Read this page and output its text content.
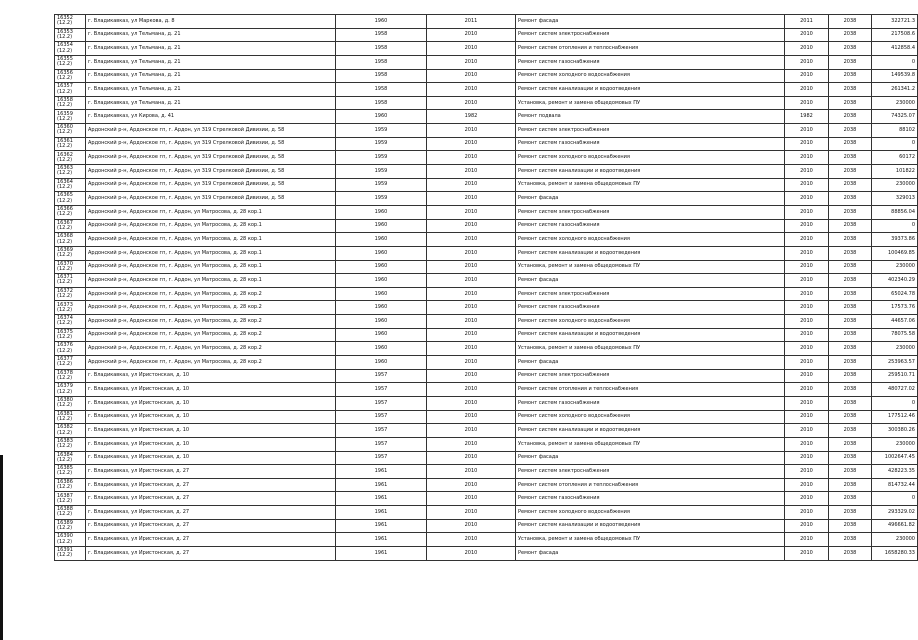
16352
(12.2)	г. Владикавказ, ул Маркова, д. 8	1960	2011	Ремонт фасада	2011	2038	322721.3

16353
(12.2)	г. Владикавказ, ул Тельмана, д. 21	1958	2010	Ремонт систем электроснабжения	2010	2038	217508.6

16354
(12.2)	г. Владикавказ, ул Тельмана, д. 21	1958	2010	Ремонт систем отопления и теплоснабжения	2010	2038	412858.4

16355
(12.2)	г. Владикавказ, ул Тельмана, д. 21	1958	2010	Ремонт систем газоснабжения	2010	2038	0

16356
(12.2)	г. Владикавказ, ул Тельмана, д. 21	1958	2010	Ремонт систем холодного водоснабжения	2010	2038	149539.8

16357
(12.2)	г. Владикавказ, ул Тельмана, д. 21	1958	2010	Ремонт систем канализации и водоотведения	2010	2038	261341.2

16358
(12.2)	г. Владикавказ, ул Тельмана, д. 21	1958	2010	Установка, ремонт и замена общедомовых ПУ	2010	2038	230000

16359
(12.2)	г. Владикавказ, ул Кирова, д. 41	1960	1982	Ремонт подвала	1982	2038	74325.07

16360
(12.2)	Ардонский р-н, Ардонское гп, г. Ардон, ул 319 Стрелковой Дивизии, д. 58	1959	2010	Ремонт систем электроснабжения	2010	2038	88102

16361
(12.2)	Ардонский р-н, Ардонское гп, г. Ардон, ул 319 Стрелковой Дивизии, д. 58	1959	2010	Ремонт систем газоснабжения	2010	2038	0

16362
(12.2)	Ардонский р-н, Ардонское гп, г. Ардон, ул 319 Стрелковой Дивизии, д. 58	1959	2010	Ремонт систем холодного водоснабжения	2010	2038	60172

16363
(12.2)	Ардонский р-н, Ардонское гп, г. Ардон, ул 319 Стрелковой Дивизии, д. 58	1959	2010	Ремонт систем канализации и водоотведения	2010	2038	101822

16364
(12.2)	Ардонский р-н, Ардонское гп, г. Ардон, ул 319 Стрелковой Дивизии, д. 58	1959	2010	Установка, ремонт и замена общедомовых ПУ	2010	2038	230000

16365
(12.2)	Ардонский р-н, Ардонское гп, г. Ардон, ул 319 Стрелковой Дивизии, д. 58	1959	2010	Ремонт фасада	2010	2038	329013

16366
(12.2)	Ардонский р-н, Ардонское гп, г. Ардон, ул Матросова, д. 28 кор.1	1960	2010	Ремонт систем электроснабжения	2010	2038	88856.04

16367
(12.2)	Ардонский р-н, Ардонское гп, г. Ардон, ул Матросова, д. 28 кор.1	1960	2010	Ремонт систем газоснабжения	2010	2038	0

16368
(12.2)	Ардонский р-н, Ардонское гп, г. Ардон, ул Матросова, д. 28 кор.1	1960	2010	Ремонт систем холодного водоснабжения	2010	2038	39373.86

16369
(12.2)	Ардонский р-н, Ардонское гп, г. Ардон, ул Матросова, д. 28 кор.1	1960	2010	Ремонт систем канализации и водоотведения	2010	2038	100469.85

16370
(12.2)	Ардонский р-н, Ардонское гп, г. Ардон, ул Матросова, д. 28 кор.1	1960	2010	Установка, ремонт и замена общедомовых ПУ	2010	2038	230000

16371
(12.2)	Ардонский р-н, Ардонское гп, г. Ардон, ул Матросова, д. 28 кор.1	1960	2010	Ремонт фасада	2010	2038	402340.29

16372
(12.2)	Ардонский р-н, Ардонское гп, г. Ардон, ул Матросова, д. 28 кор.2	1960	2010	Ремонт систем электроснабжения	2010	2038	65024.78

16373
(12.2)	Ардонский р-н, Ардонское гп, г. Ардон, ул Матросова, д. 28 кор.2	1960	2010	Ремонт систем газоснабжения	2010	2038	17573.76

16374
(12.2)	Ардонский р-н, Ардонское гп, г. Ардон, ул Матросова, д. 28 кор.2	1960	2010	Ремонт систем холодного водоснабжения	2010	2038	44657.06

16375
(12.2)	Ардонский р-н, Ардонское гп, г. Ардон, ул Матросова, д. 28 кор.2	1960	2010	Ремонт систем канализации и водоотведения	2010	2038	78075.58

16376
(12.2)	Ардонский р-н, Ардонское гп, г. Ардон, ул Матросова, д. 28 кор.2	1960	2010	Установка, ремонт и замена общедомовых ПУ	2010	2038	230000

16377
(12.2)	Ардонский р-н, Ардонское гп, г. Ардон, ул Матросова, д. 28 кор.2	1960	2010	Ремонт фасада	2010	2038	253963.57

16378
(12.2)	г. Владикавказ, ул Иристонская, д. 10	1957	2010	Ремонт систем электроснабжения	2010	2038	259510.71

16379
(12.2)	г. Владикавказ, ул Иристонская, д. 10	1957	2010	Ремонт систем отопления и теплоснабжения	2010	2038	480727.02

16380
(12.2)	г. Владикавказ, ул Иристонская, д. 10	1957	2010	Ремонт систем газоснабжения	2010	2038	0

16381
(12.2)	г. Владикавказ, ул Иристонская, д. 10	1957	2010	Ремонт систем холодного водоснабжения	2010	2038	177512.46

16382
(12.2)	г. Владикавказ, ул Иристонская, д. 10	1957	2010	Ремонт систем канализации и водоотведения	2010	2038	300380.26

16383
(12.2)	г. Владикавказ, ул Иристонская, д. 10	1957	2010	Установка, ремонт и замена общедомовых ПУ	2010	2038	230000

16384
(12.2)	г. Владикавказ, ул Иристонская, д. 10	1957	2010	Ремонт фасада	2010	2038	1002647.45

16385
(12.2)	г. Владикавказ, ул Иристонская, д. 27	1961	2010	Ремонт систем электроснабжения	2010	2038	428223.35

16386
(12.2)	г. Владикавказ, ул Иристонская, д. 27	1961	2010	Ремонт систем отопления и теплоснабжения	2010	2038	814732.44

16387
(12.2)	г. Владикавказ, ул Иристонская, д. 27	1961	2010	Ремонт систем газоснабжения	2010	2038	0

16388
(12.2)	г. Владикавказ, ул Иристонская, д. 27	1961	2010	Ремонт систем холодного водоснабжения	2010	2038	293329.02

16389
(12.2)	г. Владикавказ, ул Иристонская, д. 27	1961	2010	Ремонт систем канализации и водоотведения	2010	2038	496661.82

16390
(12.2)	г. Владикавказ, ул Иристонская, д. 27	1961	2010	Установка, ремонт и замена общедомовых ПУ	2010	2038	230000

16391
(12.2)	г. Владикавказ, ул Иристонская, д. 27	1961	2010	Ремонт фасада	2010	2038	1658280.33
